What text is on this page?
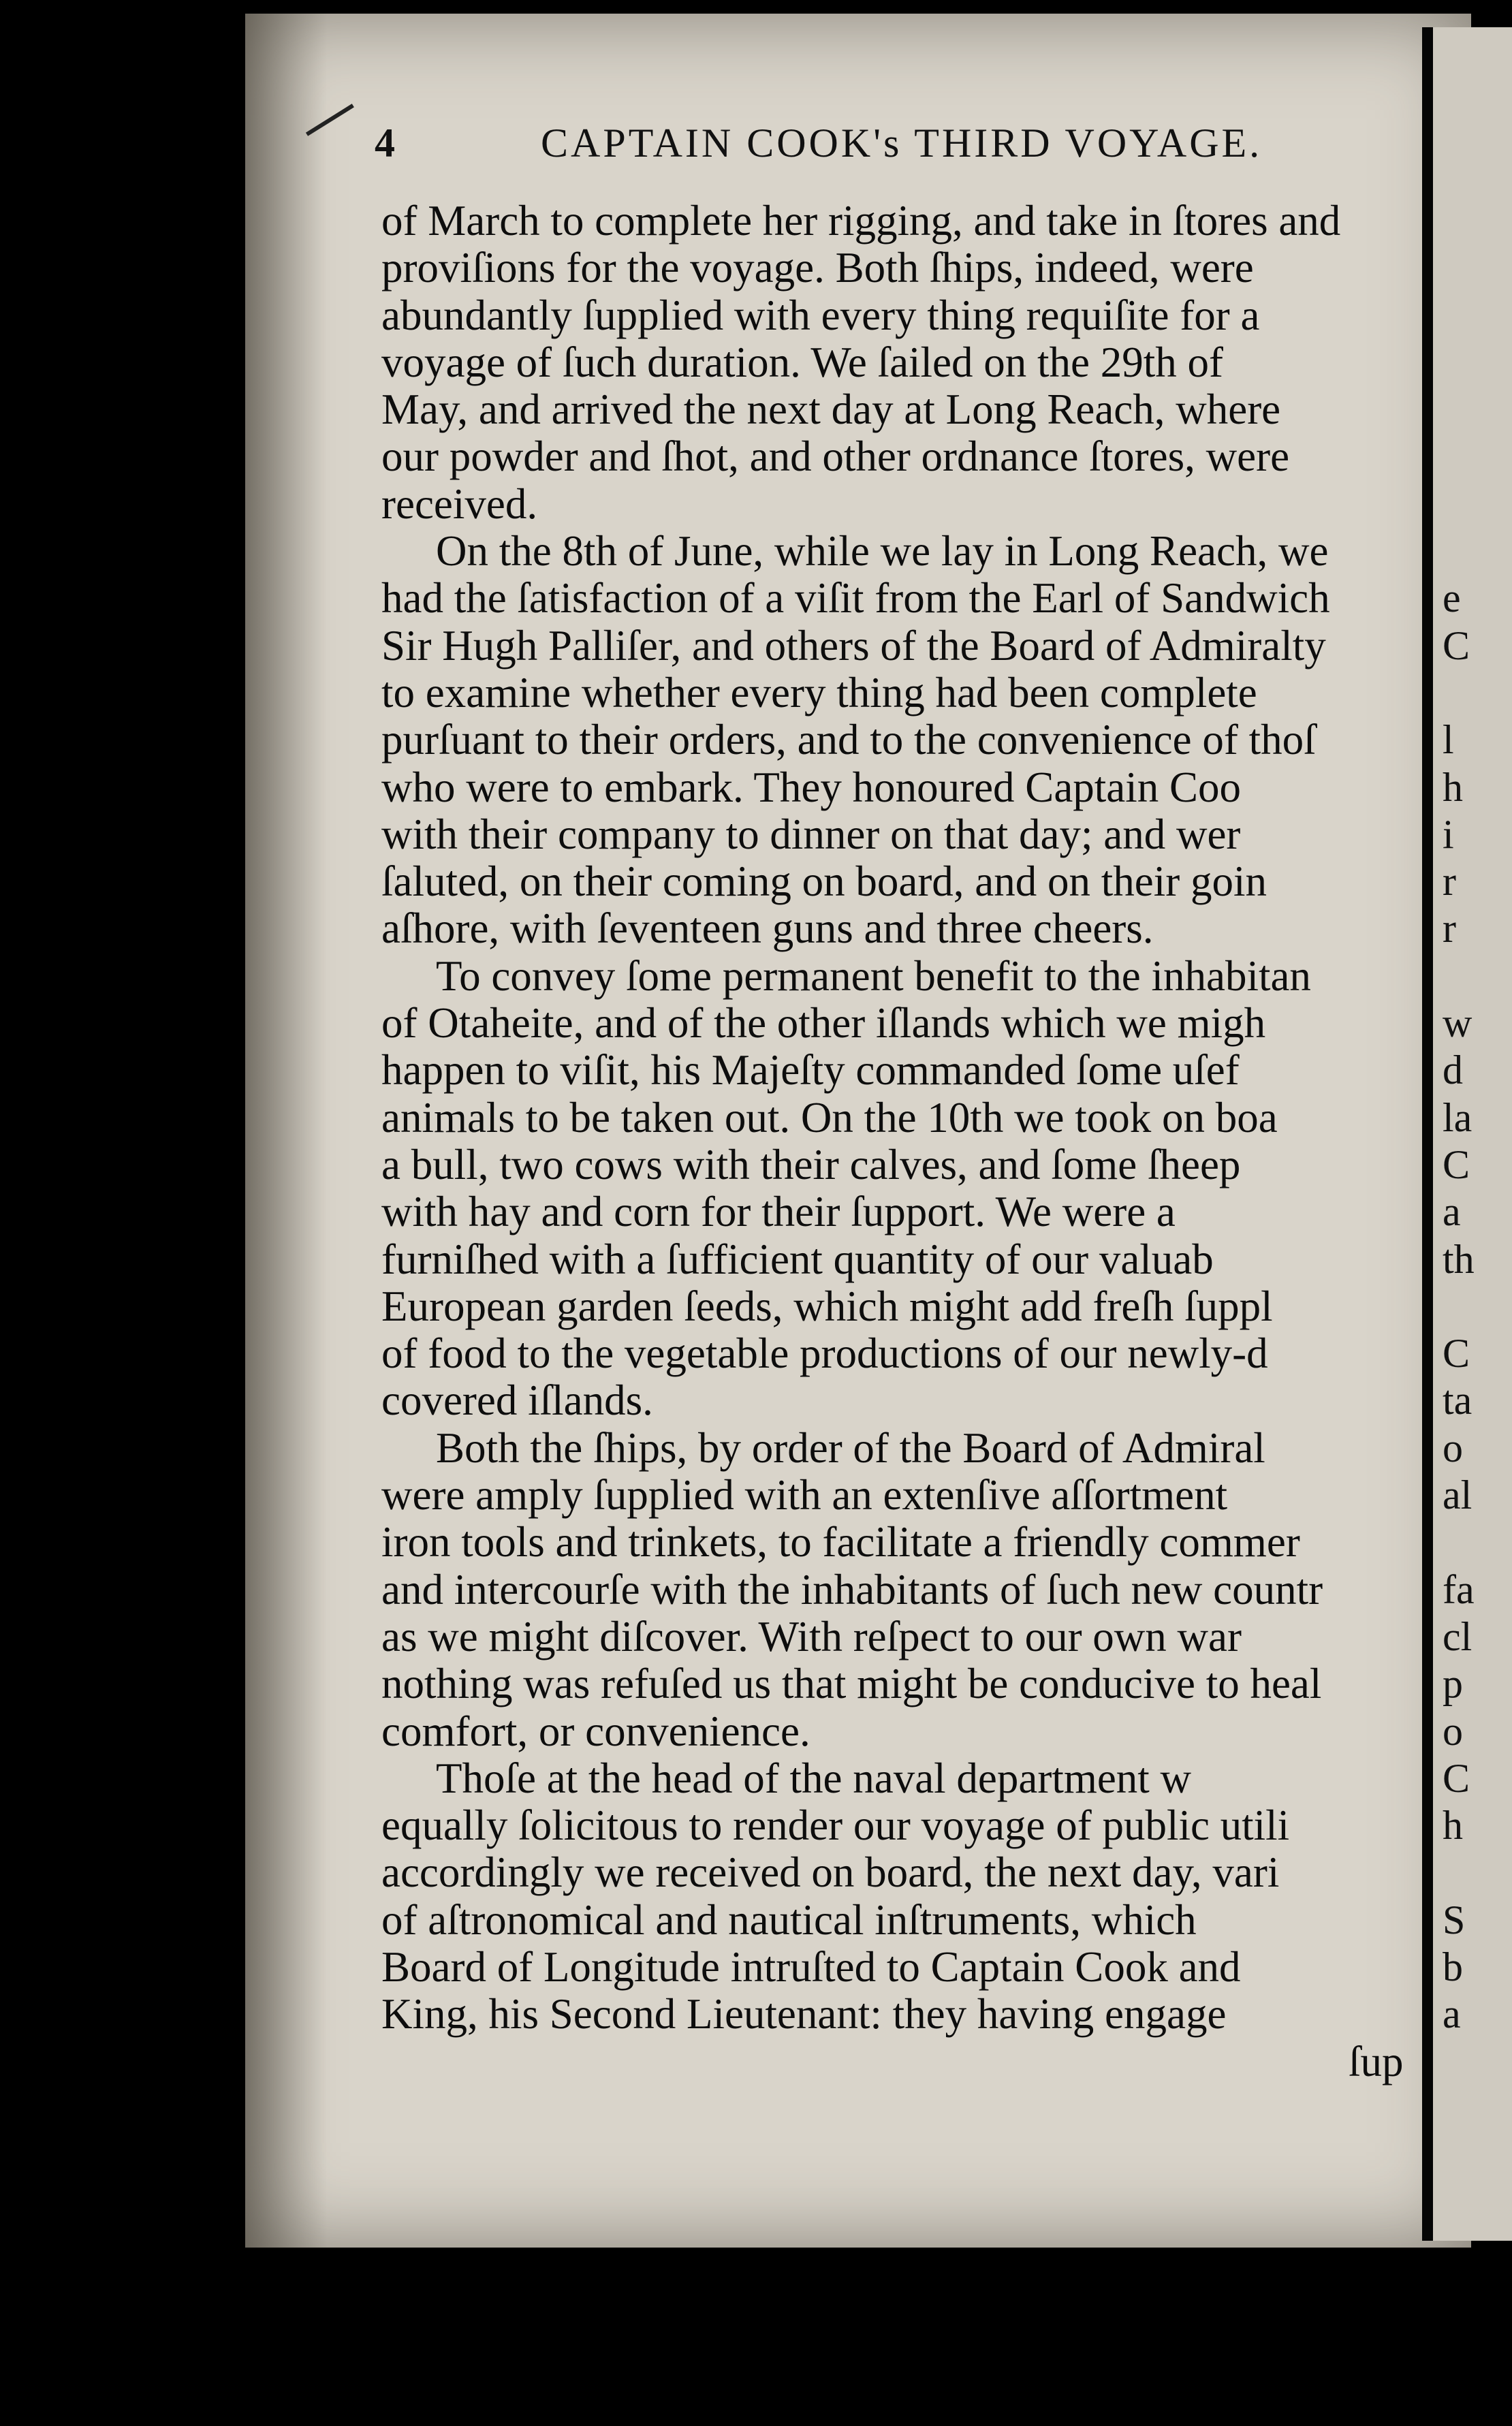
4	CAPTAIN COOK's THIRD VOYAGE.
of March to complete her rigging, and take in ſtores and
proviſions for the voyage. Both ſhips, indeed, were
abundantly ſupplied with every thing requiſite for a
voyage of ſuch duration. We ſailed on the 29th of
May, and arrived the next day at Long Reach, where
our powder and ſhot, and other ordnance ſtores, were
received.
On the 8th of June, while we lay in Long Reach, we
had the ſatisfaction of a viſit from the Earl of Sandwich
Sir Hugh Palliſer, and others of the Board of Admiralty
to examine whether every thing had been complete
purſuant to their orders, and to the convenience of thoſ
who were to embark. They honoured Captain Coo
with their company to dinner on that day; and wer
ſaluted, on their coming on board, and on their goin
aſhore, with ſeventeen guns and three cheers.
To convey ſome permanent benefit to the inhabitan
of Otaheite, and of the other iſlands which we migh
happen to viſit, his Majeſty commanded ſome uſef
animals to be taken out. On the 10th we took on boa
a bull, two cows with their calves, and ſome ſheep
with hay and corn for their ſupport. We were a
furniſhed with a ſufficient quantity of our valuab
European garden ſeeds, which might add freſh ſuppl
of food to the vegetable productions of our newly-d
covered iſlands.
Both the ſhips, by order of the Board of Admiral
were amply ſupplied with an extenſive aſſortment
iron tools and trinkets, to facilitate a friendly commer
and intercourſe with the inhabitants of ſuch new countr
as we might diſcover. With reſpect to our own war
nothing was refuſed us that might be conducive to heal
comfort, or convenience.
Thoſe at the head of the naval department w
equally ſolicitous to render our voyage of public utili
accordingly we received on board, the next day, vari
of aſtronomical and nautical inſtruments, which
Board of Longitude intruſted to Captain Cook and
King, his Second Lieutenant: they having engage
ſup

e
C

l
h
i
r
r

w
d
la
C
a
th

C
ta
o
al

fa
cl
p
o
C
h

S
b
a
